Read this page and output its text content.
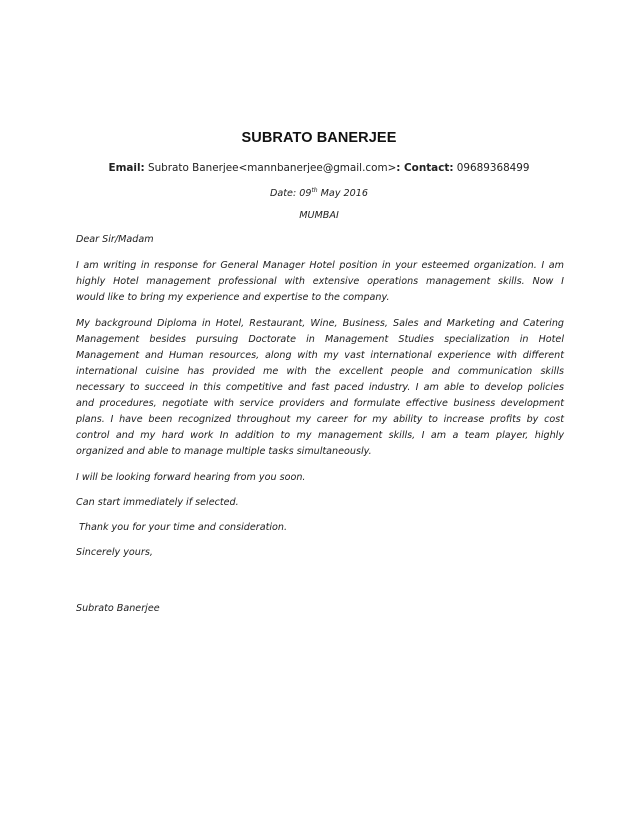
SUBRATO BANERJEE
Email: Subrato Banerjee<mannbanerjee@gmail.com>: Contact: 09689368499
Date: 09th May 2016
MUMBAI

Dear Sir/Madam

I am writing in response for General Manager Hotel position in your esteemed organization. I am
highly Hotel management professional with extensive operations management skills. Now I
would like to bring my experience and expertise to the company.

My background Diploma in Hotel, Restaurant, Wine, Business, Sales and Marketing and Catering
Management besides pursuing Doctorate in Management Studies specialization in Hotel
Management and Human resources, along with my vast international experience with different
international cuisine has provided me with the excellent people and communication skills
necessary to succeed in this competitive and fast paced industry. I am able to develop policies
and procedures, negotiate with service providers and formulate effective business development
plans. I have been recognized throughout my career for my ability to increase profits by cost
control and my hard work In addition to my management skills, I am a team player, highly
organized and able to manage multiple tasks simultaneously.

I will be looking forward hearing from you soon.

Can start immediately if selected.

Thank you for your time and consideration.

Sincerely yours,

Subrato Banerjee
